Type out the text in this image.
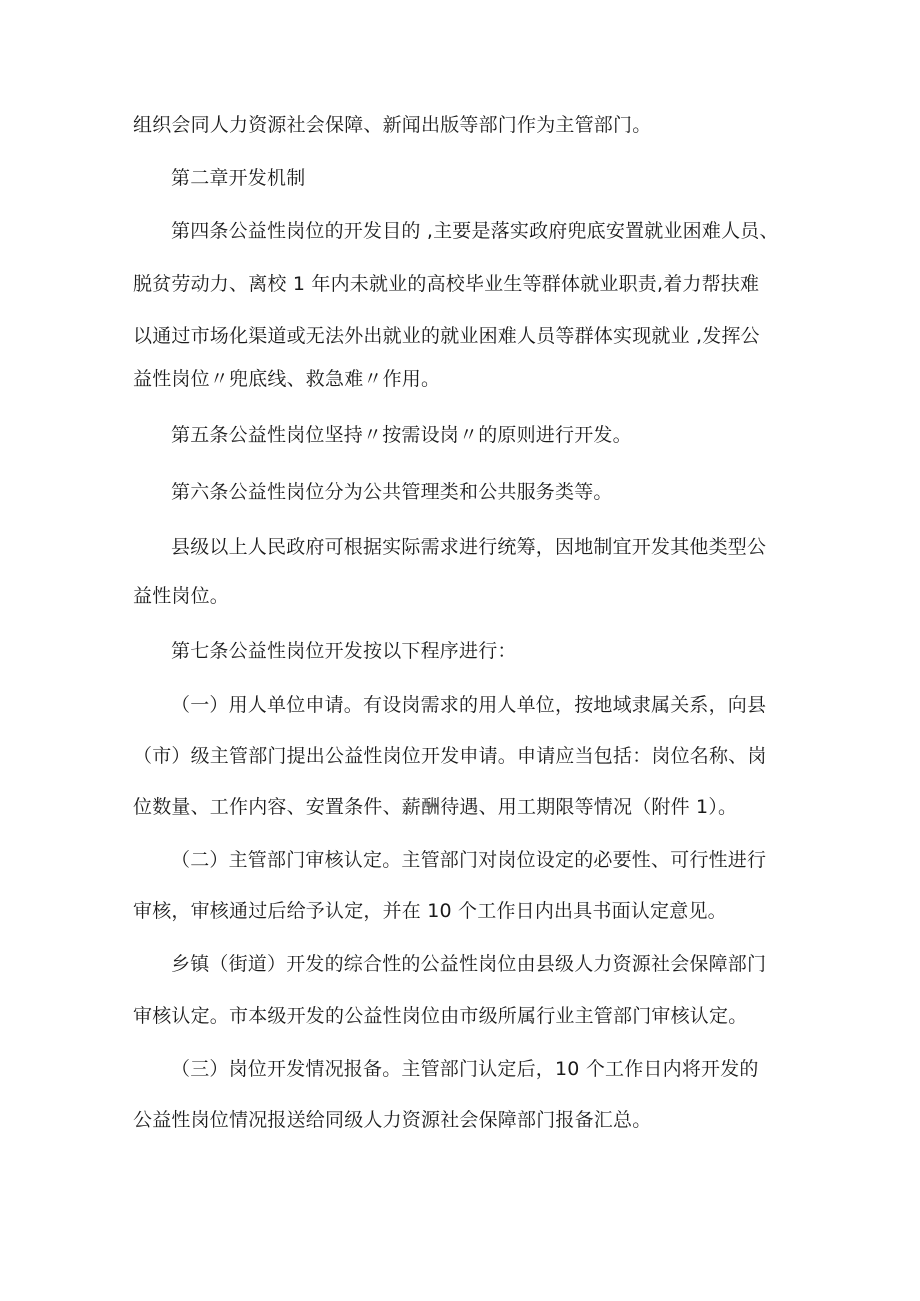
组织会同人力资源社会保障、新闻出版等部门作为主管部门。
第二章开发机制
第四条公益性岗位的开发目的 ,主要是落实政府兜底安置就业困难人员、
脱贫劳动力、离校 1 年内未就业的高校毕业生等群体就业职责,着力帮扶难
以通过市场化渠道或无法外出就业的就业困难人员等群体实现就业 ,发挥公
益性岗位〃兜底线、救急难〃作用。
第五条公益性岗位坚持〃按需设岗〃的原则进行开发。
第六条公益性岗位分为公共管理类和公共服务类等。
县级以上人民政府可根据实际需求进行统筹，因地制宜开发其他类型公
益性岗位。
第七条公益性岗位开发按以下程序进行：
（一）用人单位申请。有设岗需求的用人单位，按地域隶属关系，向县
（市）级主管部门提出公益性岗位开发申请。申请应当包括：岗位名称、岗
位数量、工作内容、安置条件、薪酬待遇、用工期限等情况（附件 1）。
（二）主管部门审核认定。主管部门对岗位设定的必要性、可行性进行
审核，审核通过后给予认定，并在 10 个工作日内出具书面认定意见。
乡镇（街道）开发的综合性的公益性岗位由县级人力资源社会保障部门
审核认定。市本级开发的公益性岗位由市级所属行业主管部门审核认定。
（三）岗位开发情况报备。主管部门认定后，10 个工作日内将开发的
公益性岗位情况报送给同级人力资源社会保障部门报备汇总。
